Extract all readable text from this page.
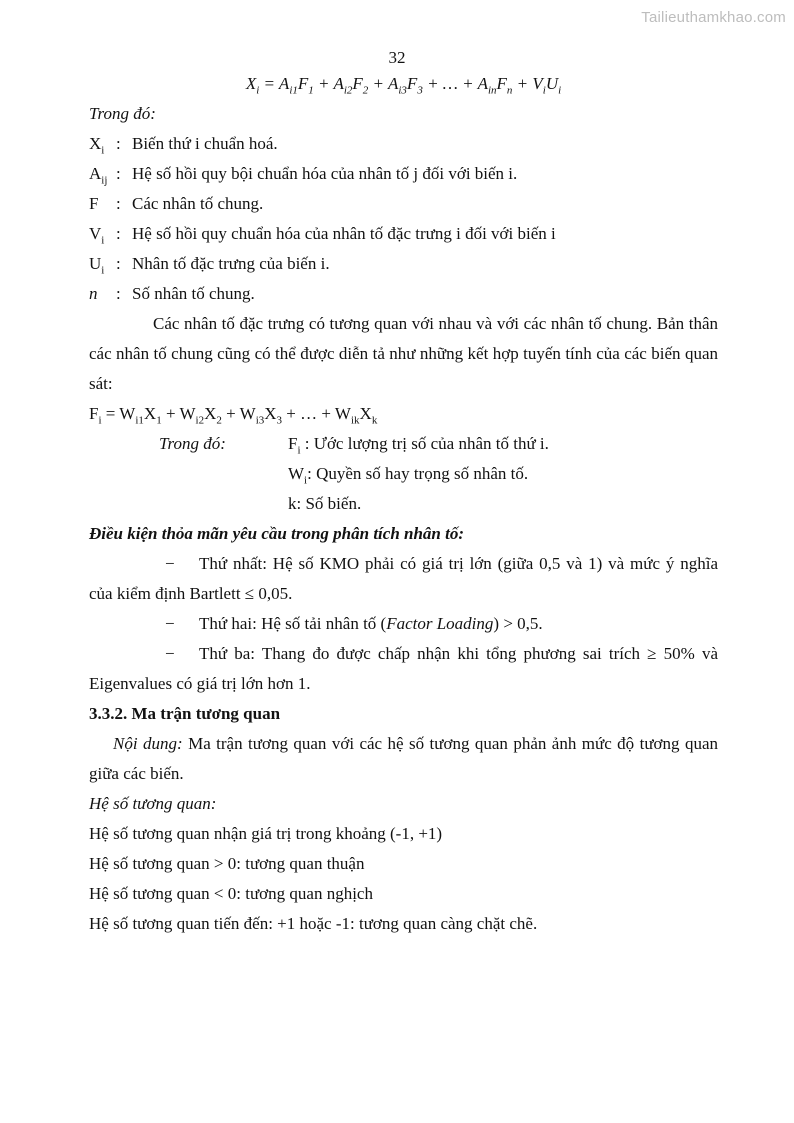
Tailieuthamkhao.com
32
$X_i = A_{i1}F_1 + A_{i2}F_2 + A_{i3}F_3$ + … + $A_{in}F_n + V_iU_i$

Trong đó:

$X_i$ : Biến thứ i chuẩn hoá.
$A_{ij}$ : Hệ số hồi quy bội chuẩn hóa của nhân tố j đối với biến i.
F : Các nhân tố chung.
$V_i$ : Hệ số hồi quy chuẩn hóa của nhân tố đặc trưng i đối với biến i
$U_i$ : Nhân tố đặc trưng của biến i.
n : Số nhân tố chung.

Các nhân tố đặc trưng có tương quan với nhau và với các nhân tố chung. Bản thân các nhân tố chung cũng có thể được diễn tả như những kết hợp tuyến tính của các biến quan sát:

$F_i = W_{i1}X_1 + W_{i2}X_2 + W_{i3}X_3$ + … + $W_{ik}X_k$
Trong đó:	$F_i$ : Ước lượng trị số của nhân tố thứ i.
$W_i$: Quyền số hay trọng số nhân tố.
k: Số biến.

Điều kiện thỏa mãn yêu cầu trong phân tích nhân tố:

− Thứ nhất: Hệ số KMO phải có giá trị lớn (giữa 0,5 và 1) và mức ý nghĩa của kiểm định Bartlett ≤ 0,05.

− Thứ hai: Hệ số tải nhân tố (Factor Loading) > 0,5.

− Thứ ba: Thang đo được chấp nhận khi tổng phương sai trích ≥ 50% và Eigenvalues có giá trị lớn hơn 1.

3.3.2. Ma trận tương quan

Nội dung: Ma trận tương quan với các hệ số tương quan phản ảnh mức độ tương quan giữa các biến.

Hệ số tương quan:

Hệ số tương quan nhận giá trị trong khoảng (-1, +1)

Hệ số tương quan > 0: tương quan thuận

Hệ số tương quan < 0: tương quan nghịch

Hệ số tương quan tiến đến: +1 hoặc -1: tương quan càng chặt chẽ.
